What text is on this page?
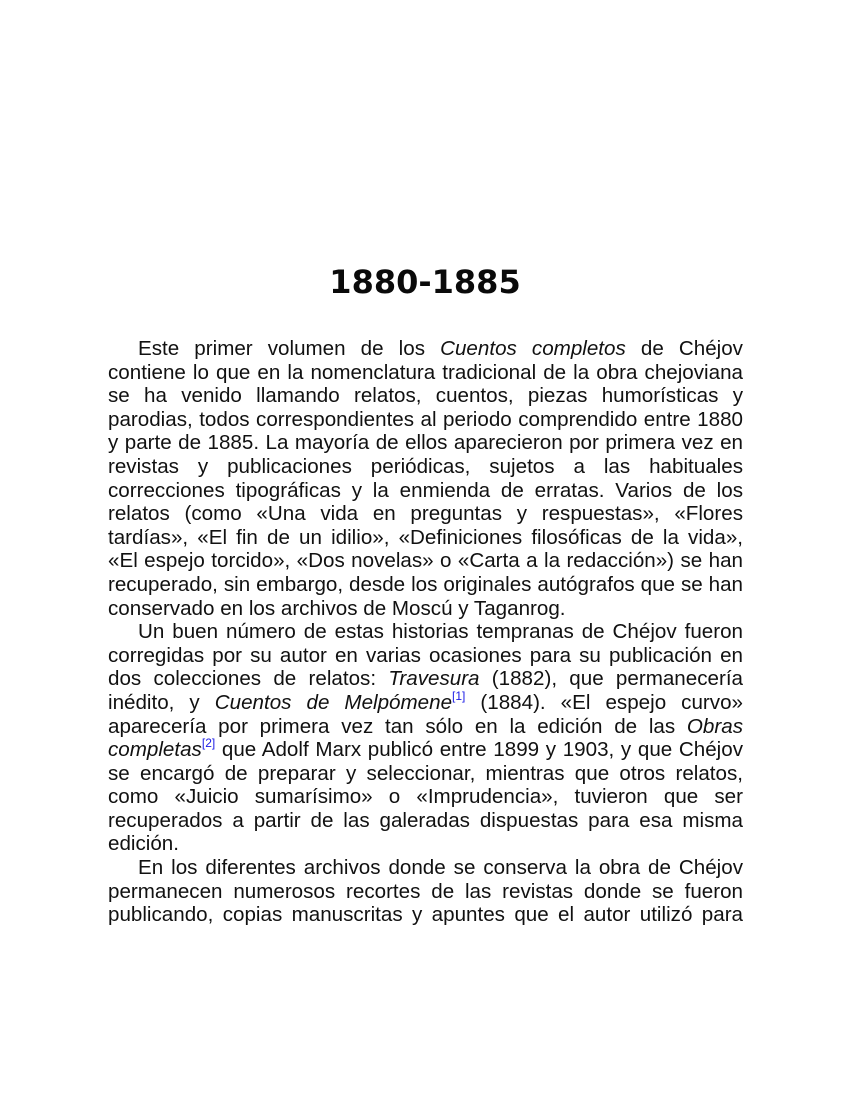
1880-1885

Este primer volumen de los Cuentos completos de Chéjov contiene lo que en la nomenclatura tradicional de la obra chejoviana se ha venido llamando relatos, cuentos, piezas humorísticas y parodias, todos correspondientes al periodo comprendido entre 1880 y parte de 1885. La mayoría de ellos aparecieron por primera vez en revistas y publicaciones periódicas, sujetos a las habituales correcciones tipográficas y la enmienda de erratas. Varios de los relatos (como «Una vida en preguntas y respuestas», «Flores tardías», «El fin de un idilio», «Definiciones filosóficas de la vida», «El espejo torcido», «Dos novelas» o «Carta a la redacción») se han recuperado, sin embargo, desde los originales autógrafos que se han conservado en los archivos de Moscú y Taganrog.

Un buen número de estas historias tempranas de Chéjov fueron corregidas por su autor en varias ocasiones para su publicación en dos colecciones de relatos: Travesura (1882), que permanecería inédito, y Cuentos de Melpómene[1] (1884). «El espejo curvo» aparecería por primera vez tan sólo en la edición de las Obras completas[2] que Adolf Marx publicó entre 1899 y 1903, y que Chéjov se encargó de preparar y seleccionar, mientras que otros relatos, como «Juicio sumarísimo» o «Imprudencia», tuvieron que ser recuperados a partir de las galeradas dispuestas para esa misma edición.

En los diferentes archivos donde se conserva la obra de Chéjov permanecen numerosos recortes de las revistas donde se fueron publicando, copias manuscritas y apuntes que el autor utilizó para
